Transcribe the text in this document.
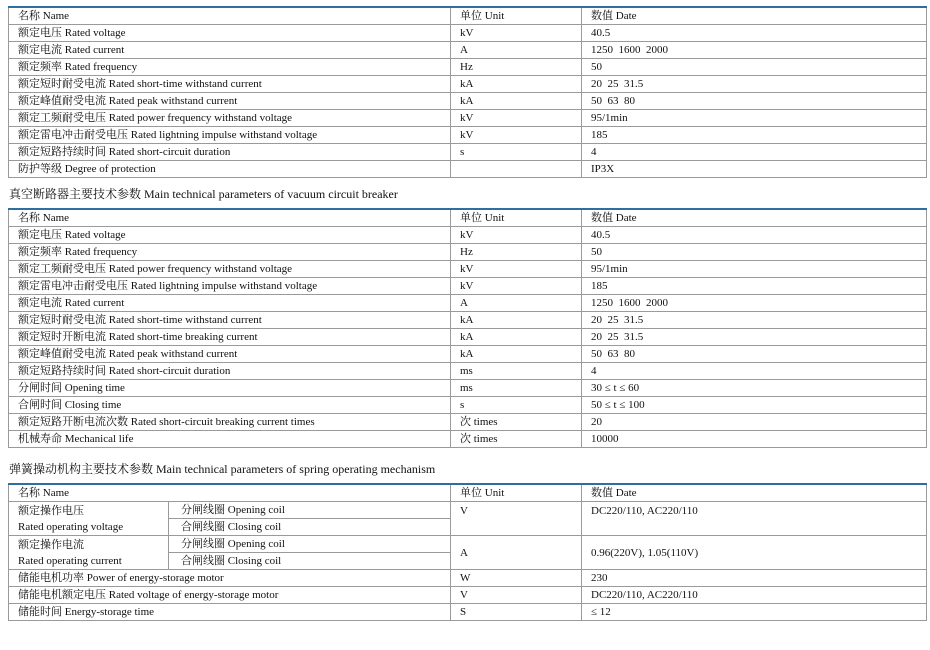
名称 Name	单位 Unit	数值 Date
额定电压 Rated voltage	kV	40.5
额定电流 Rated current	A	1250  1600  2000
额定频率 Rated frequency	Hz	50
额定短时耐受电流 Rated short-time withstand current	kA	20  25  31.5
额定峰值耐受电流 Rated peak withstand current	kA	50  63  80
额定工频耐受电压 Rated power frequency withstand voltage	kV	95/1min
额定雷电冲击耐受电压 Rated lightning impulse withstand voltage	kV	185
额定短路持续时间 Rated short-circuit duration	s	4
防护等级 Degree of protection		IP3X
真空断路器主要技术参数 Main technical parameters of vacuum circuit breaker
名称 Name	单位 Unit	数值 Date
额定电压 Rated voltage	kV	40.5
额定频率 Rated frequency	Hz	50
额定工频耐受电压 Rated power frequency withstand voltage	kV	95/1min
额定雷电冲击耐受电压 Rated lightning impulse withstand voltage	kV	185
额定电流 Rated current	A	1250  1600  2000
额定短时耐受电流 Rated short-time withstand current	kA	20  25  31.5
额定短时开断电流 Rated short-time breaking current	kA	20  25  31.5
额定峰值耐受电流 Rated peak withstand current	kA	50  63  80
额定短路持续时间 Rated short-circuit duration	ms	4
分闸时间 Opening time	ms	30 ≤ t ≤ 60
合闸时间 Closing time	s	50 ≤ t ≤ 100
额定短路开断电流次数 Rated short-circuit breaking current times	次 times	20
机械寿命 Mechanical life	次 times	10000
弹簧操动机构主要技术参数 Main technical parameters of spring operating mechanism
名称 Name		单位 Unit	数值 Date

额定操作电压
Rated operating voltage	分闸线圈 Opening coil	V	DC220/110, AC220/110
	合闸线圈 Closing coil		

额定操作电流
Rated operating current	分闸线圈 Opening coil	A	0.96(220V), 1.05(110V)
	合闸线圈 Closing coil		
储能电机功率 Power of energy-storage motor		W	230
储能电机额定电压 Rated voltage of energy-storage motor		V	DC220/110, AC220/110
储能时间 Energy-storage time		S	≤ 12
